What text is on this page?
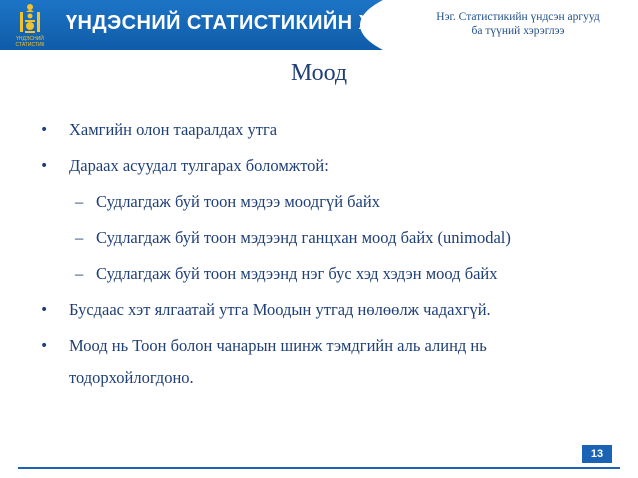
ҮНДЭСНИЙ
СТАТИСТИК
ҮНДЭСНИЙ СТАТИСТИКИЙН ХОРОО Нэг. Статистикийн үндсэн аргууд
ба түүний хэрэглээ
Моод
• Хамгийн олон таарaлдах утга
• Дараах асуудал тулгарах боломжтой:
– Судлагдаж буй тоон мэдээ моодгүй байх
– Судлагдаж буй тоон мэдээнд ганцхан моод байх (unimodal)
– Судлагдаж буй тоон мэдээнд нэг бус хэд хэдэн моод байх
• Бусдаас хэт ялгаатай утга Моодын утгад нөлөөлж чадахгүй.
• Моод нь Тоон болон чанарын шинж тэмдгийн аль алинд нь тодорхойлогдоно.
13
